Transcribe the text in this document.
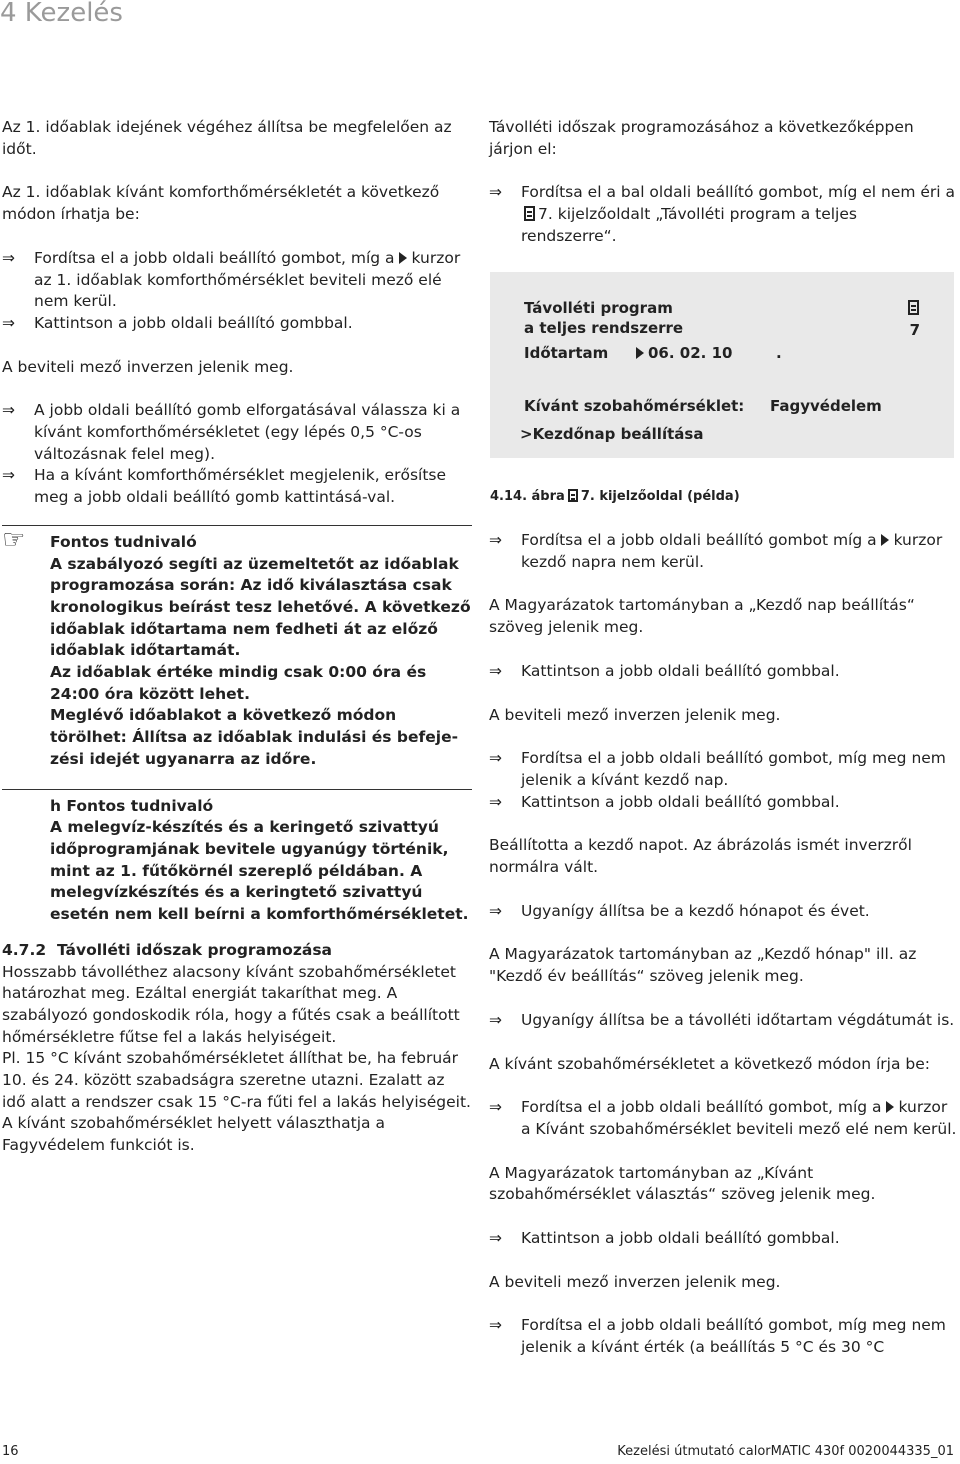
4 Kezelés

Az 1. időablak idejének végéhez állítsa be megfelelően az időt.

Az 1. időablak kívánt komforthőmérsékletét a következő módon írhatja be:

⇒ Fordítsa el a jobb oldali beállító gombot, míg a kurzor az 1. időablak komforthőmérséklet beviteli mező elé nem kerül.
⇒ Kattintson a jobb oldali beállító gombbal.

A beviteli mező inverzen jelenik meg.

⇒ A jobb oldali beállító gomb elforgatásával válassza ki a kívánt komforthőmérsékletet (egy lépés 0,5 °C-os változásnak felel meg).
⇒ Ha a kívánt komforthőmérséklet megjelenik, erősítse meg a jobb oldali beállító gomb kattintásá-val.
☞ Fontos tudnivaló

A szabályozó segíti az üzemeltetőt az időablak programozása során: Az idő kiválasztása csak kronologikus beírást tesz lehetővé. A következő időablak időtartama nem fedheti át az előző időablak időtartamát.

Az időablak értéke mindig csak 0:00 óra és 24:00 óra között lehet.

Meglévő időablakot a következő módon törölhet: Állítsa az időablak indulási és befeje-zési idejét ugyanarra az időre.

h Fontos tudnivaló

A melegvíz-készítés és a keringető szivattyú időprogramjának bevitele ugyanúgy történik, mint az 1. fűtőkörnél szereplő példában. A melegvízkészítés és a keringtető szivattyú esetén nem kell beírni a komforthőmérsékletet.

4.7.2 Távolléti időszak programozása

Hosszabb távolléthez alacsony kívánt szobahőmérsékletet határozhat meg. Ezáltal energiát takaríthat meg. A szabályozó gondoskodik róla, hogy a fűtés csak a beállított hőmérsékletre fűtse fel a lakás helyiségeit.

Pl. 15 °C kívánt szobahőmérsékletet állíthat be, ha február 10. és 24. között szabadságra szeretne utazni. Ezalatt az idő alatt a rendszer csak 15 °C-ra fűti fel a lakás helyiségeit.

A kívánt szobahőmérséklet helyett választhatja a Fagyvédelem funkciót is.

Távolléti időszak programozásához a következőképpen járjon el:

⇒ Fordítsa el a bal oldali beállító gombot, míg el nem éri a7. kijelzőoldalt „Távolléti program a teljes rendszerre“.
Távolléti program
a teljes rendszerre	7
Időtartam	06. 02. 10	.
Kívánt szobahőmérséklet: Fagyvédelem
>Kezdőnap beállítása
4.14. ábra 7. kijelzőoldal (példa)
⇒ Fordítsa el a jobb oldali beállító gombot míg a kurzor kezdő napra nem kerül.

A Magyarázatok tartományban a „Kezdő nap beállítás“ szöveg jelenik meg.

⇒ Kattintson a jobb oldali beállító gombbal.

A beviteli mező inverzen jelenik meg.

⇒ Fordítsa el a jobb oldali beállító gombot, míg meg nem jelenik a kívánt kezdő nap.
⇒ Kattintson a jobb oldali beállító gombbal.

Beállította a kezdő napot. Az ábrázolás ismét inverzről normálra vált.

⇒ Ugyanígy állítsa be a kezdő hónapot és évet.

A Magyarázatok tartományban az „Kezdő hónap" ill. az "Kezdő év beállítás“ szöveg jelenik meg.

⇒ Ugyanígy állítsa be a távolléti időtartam végdátumát is.

A kívánt szobahőmérsékletet a következő módon írja be:

⇒ Fordítsa el a jobb oldali beállító gombot, míg a kurzor a Kívánt szobahőmérséklet beviteli mező elé nem kerül.

A Magyarázatok tartományban az „Kívánt szobahőmérséklet választás“ szöveg jelenik meg.

⇒ Kattintson a jobb oldali beállító gombbal.

A beviteli mező inverzen jelenik meg.

⇒ Fordítsa el a jobb oldali beállító gombot, míg meg nem jelenik a kívánt érték (a beállítás 5 °C és 30 °C
16	Kezelési útmutató calorMATIC 430f 0020044335_01
